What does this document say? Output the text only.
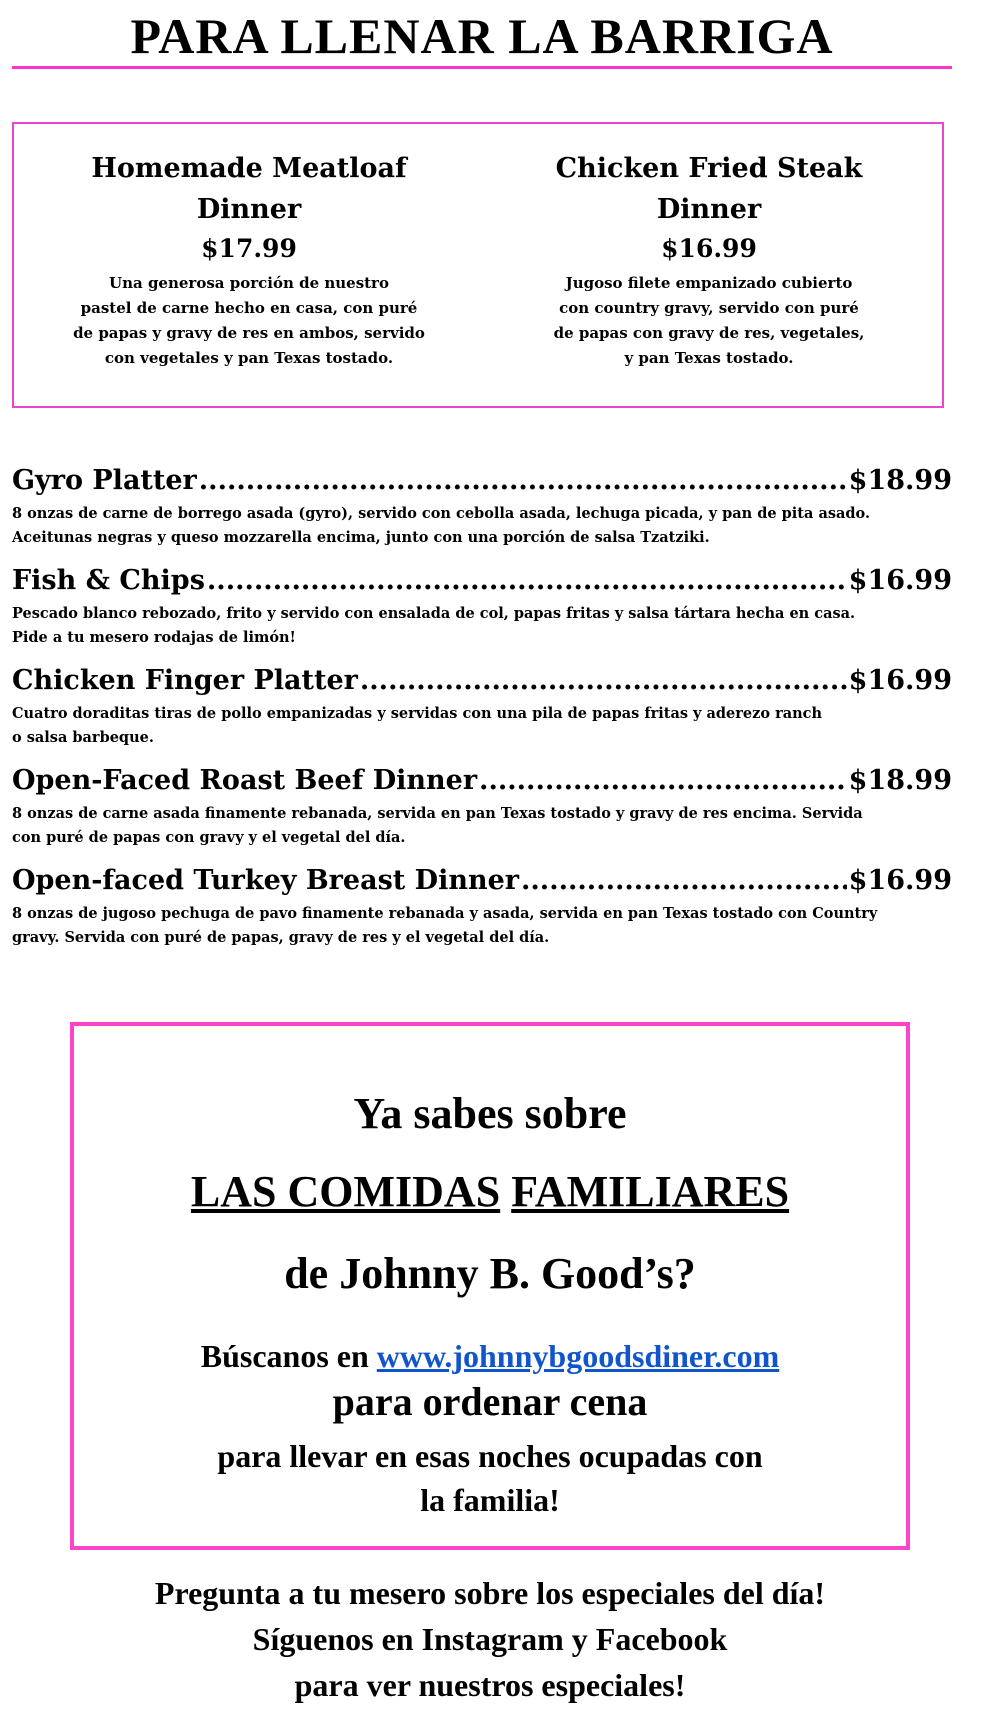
PARA LLENAR LA BARRIGA
Homemade Meatloaf
Dinner
$17.99
Una generosa porción de nuestro
pastel de carne hecho en casa, con puré
de papas y gravy de res en ambos, servido
con vegetales y pan Texas tostado.
Chicken Fried Steak
Dinner
$16.99
Jugoso filete empanizado cubierto
con country gravy, servido con puré
de papas con gravy de res, vegetales,
y pan Texas tostado.
Gyro Platter .....	$18.99
8 onzas de carne de borrego asada (gyro), servido con cebolla asada, lechuga picada, y pan de pita asado.
Aceitunas negras y queso mozzarella encima, junto con una porción de salsa Tzatziki.
Fish & Chips .....	$16.99
Pescado blanco rebozado, frito y servido con ensalada de col, papas fritas y salsa tártara hecha en casa.
Pide a tu mesero rodajas de limón!
Chicken Finger Platter .....	$16.99
Cuatro doraditas tiras de pollo empanizadas y servidas con una pila de papas fritas y aderezo ranch
o salsa barbeque.
Open-Faced Roast Beef Dinner .....	$18.99
8 onzas de carne asada finamente rebanada, servida en pan Texas tostado y gravy de res encima. Servida
con puré de papas con gravy y el vegetal del día.
Open-faced Turkey Breast Dinner .....	$16.99
8 onzas de jugoso pechuga de pavo finamente rebanada y asada, servida en pan Texas tostado con Country
gravy. Servida con puré de papas, gravy de res y el vegetal del día.
Ya sabes sobre
LAS COMIDAS FAMILIARES
de Johnny B. Good’s?
Búscanos en www.johnnybgoodsdiner.com
para ordenar cena
para llevar en esas noches ocupadas con
la familia!
Pregunta a tu mesero sobre los especiales del día!
Síguenos en Instagram y Facebook
para ver nuestros especiales!
